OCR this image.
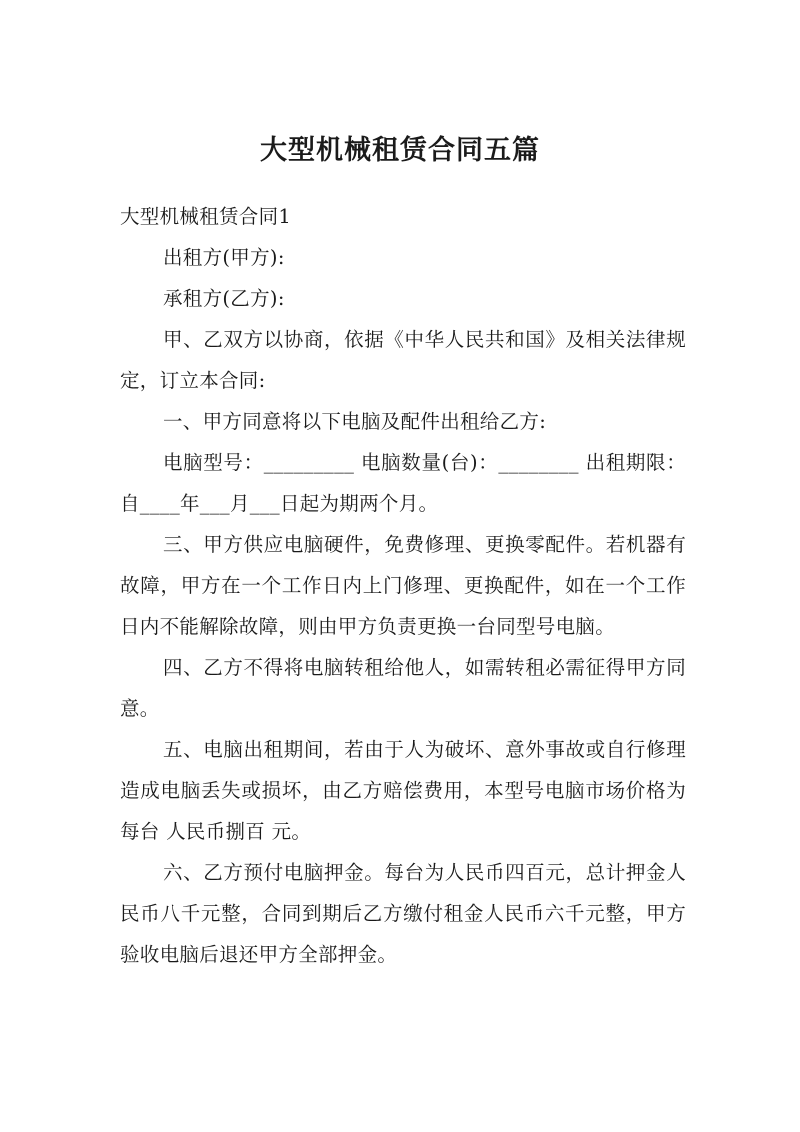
大型机械租赁合同五篇

大型机械租赁合同1

出租方(甲方):

承租方(乙方):

甲、乙双方以协商，依据《中华人民共和国》及相关法律规定，订立本合同:

一、甲方同意将以下电脑及配件出租给乙方:

电脑型号：_________ 电脑数量(台)：________ 出租期限：自____年___月___日起为期两个月。

三、甲方供应电脑硬件，免费修理、更换零配件。若机器有故障，甲方在一个工作日内上门修理、更换配件，如在一个工作日内不能解除故障，则由甲方负责更换一台同型号电脑。

四、乙方不得将电脑转租给他人，如需转租必需征得甲方同意。

五、电脑出租期间，若由于人为破坏、意外事故或自行修理造成电脑丢失或损坏，由乙方赔偿费用，本型号电脑市场价格为每台 人民币捌百 元。

六、乙方预付电脑押金。每台为人民币四百元，总计押金人民币八千元整，合同到期后乙方缴付租金人民币六千元整，甲方验收电脑后退还甲方全部押金。
